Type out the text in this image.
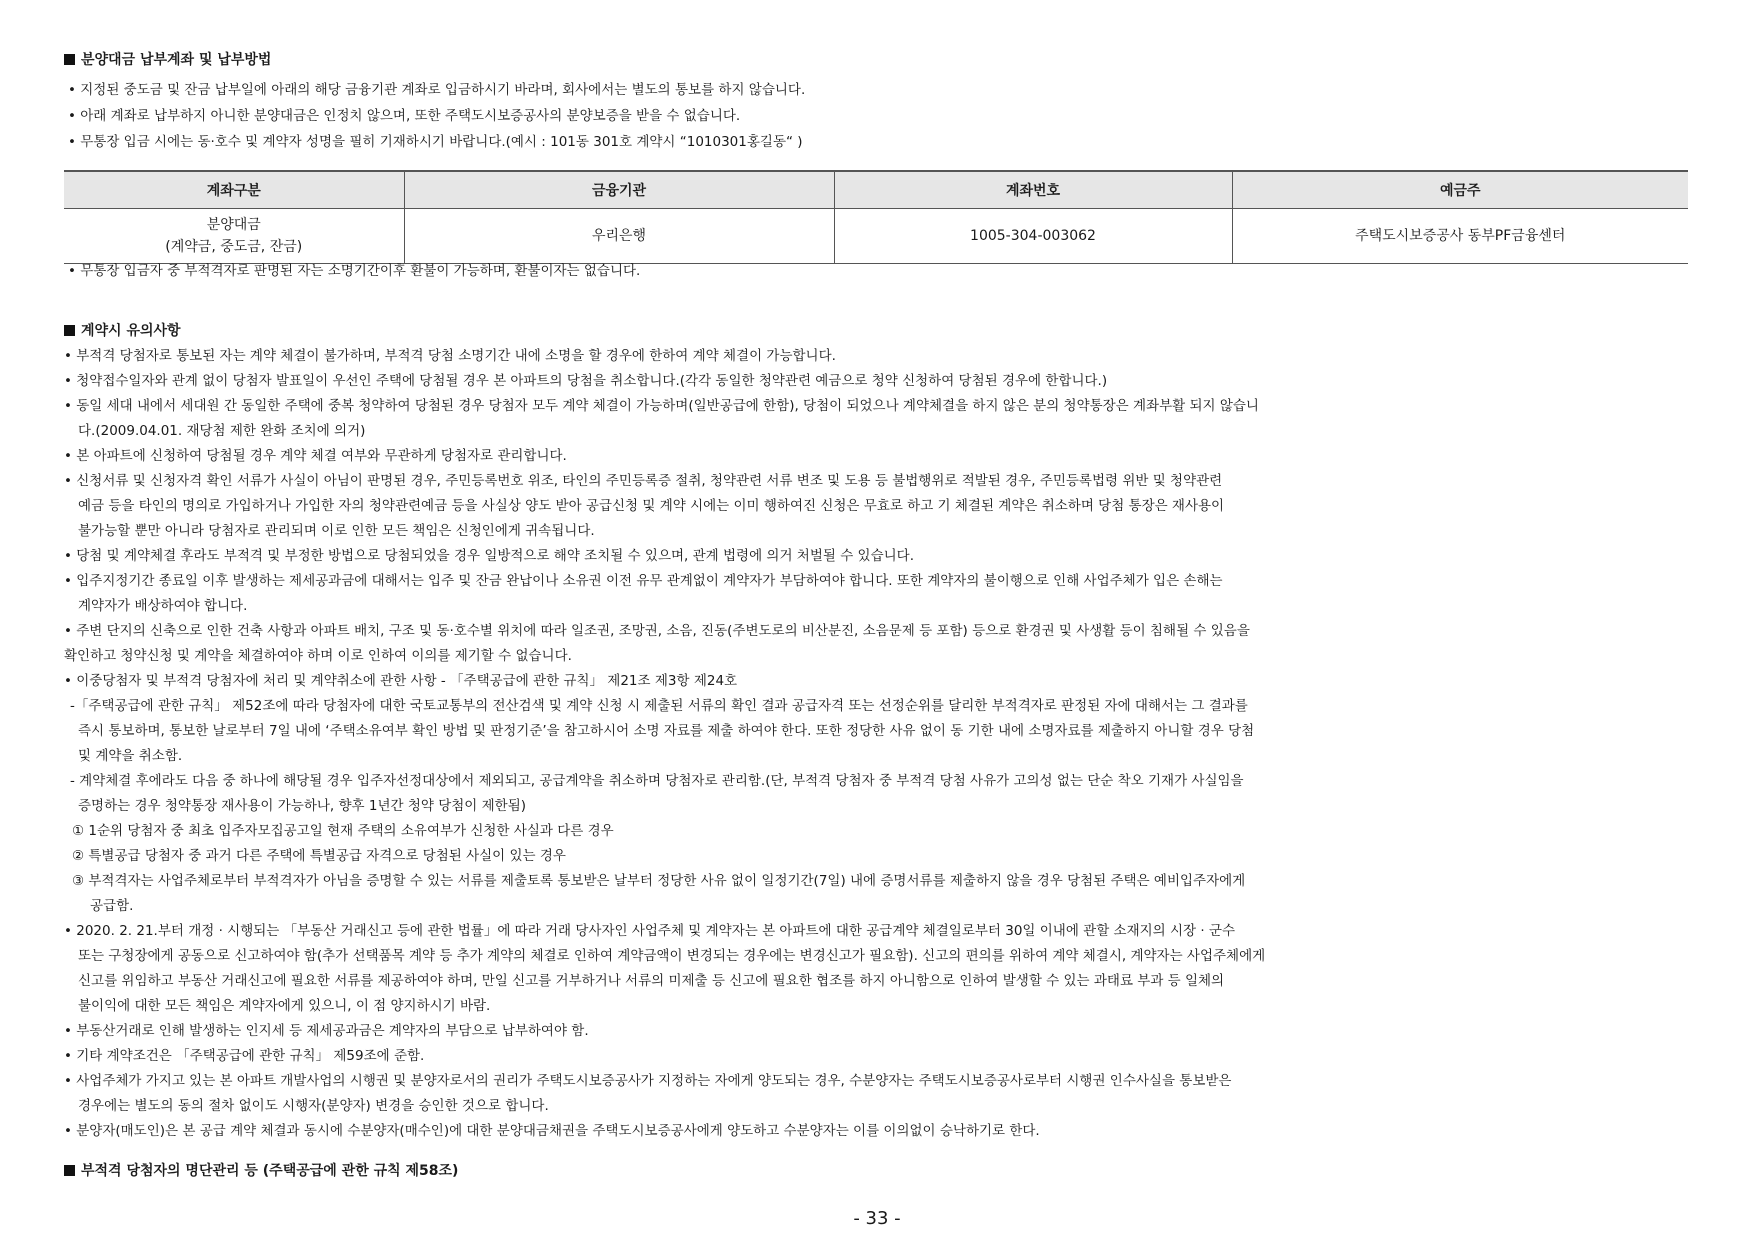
분양대금 납부계좌 및 납부방법
• 지정된 중도금 및 잔금 납부일에 아래의 해당 금융기관 계좌로 입금하시기 바라며, 회사에서는 별도의 통보를 하지 않습니다.
• 아래 계좌로 납부하지 아니한 분양대금은 인정치 않으며, 또한 주택도시보증공사의 분양보증을 받을 수 없습니다.
• 무통장 입금 시에는 동·호수 및 계약자 성명을 필히 기재하시기 바랍니다.(예시 : 101동 301호 계약시 “1010301홍길동“ )
계좌구분	금융기관	계좌번호	예금주

분양대금
(계약금, 중도금, 잔금)	우리은행	1005-304-003062	주택도시보증공사 동부PF금융센터
• 무통장 입금자 중 부적격자로 판명된 자는 소명기간이후 환불이 가능하며, 환불이자는 없습니다.
계약시 유의사항
• 부적격 당첨자로 통보된 자는 계약 체결이 불가하며, 부적격 당첨 소명기간 내에 소명을 할 경우에 한하여 계약 체결이 가능합니다.
• 청약접수일자와 관계 없이 당첨자 발표일이 우선인 주택에 당첨될 경우 본 아파트의 당첨을 취소합니다.(각각 동일한 청약관련 예금으로 청약 신청하여 당첨된 경우에 한합니다.)
• 동일 세대 내에서 세대원 간 동일한 주택에 중복 청약하여 당첨된 경우 당첨자 모두 계약 체결이 가능하며(일반공급에 한함), 당첨이 되었으나 계약체결을 하지 않은 분의 청약통장은 계좌부활 되지 않습니
다.(2009.04.01. 재당첨 제한 완화 조치에 의거)
• 본 아파트에 신청하여 당첨될 경우 계약 체결 여부와 무관하게 당첨자로 관리합니다.
• 신청서류 및 신청자격 확인 서류가 사실이 아님이 판명된 경우, 주민등록번호 위조, 타인의 주민등록증 절취, 청약관련 서류 변조 및 도용 등 불법행위로 적발된 경우, 주민등록법령 위반 및 청약관련
예금 등을 타인의 명의로 가입하거나 가입한 자의 청약관련예금 등을 사실상 양도 받아 공급신청 및 계약 시에는 이미 행하여진 신청은 무효로 하고 기 체결된 계약은 취소하며 당첨 통장은 재사용이
불가능할 뿐만 아니라 당첨자로 관리되며 이로 인한 모든 책임은 신청인에게 귀속됩니다.
• 당첨 및 계약체결 후라도 부적격 및 부정한 방법으로 당첨되었을 경우 일방적으로 해약 조치될 수 있으며, 관계 법령에 의거 처벌될 수 있습니다.
• 입주지정기간 종료일 이후 발생하는 제세공과금에 대해서는 입주 및 잔금 완납이나 소유권 이전 유무 관계없이 계약자가 부담하여야 합니다. 또한 계약자의 불이행으로 인해 사업주체가 입은 손해는
계약자가 배상하여야 합니다.
• 주변 단지의 신축으로 인한 건축 사항과 아파트 배치, 구조 및 동·호수별 위치에 따라 일조권, 조망권, 소음, 진동(주변도로의 비산분진, 소음문제 등 포함) 등으로 환경권 및 사생활 등이 침해될 수 있음을
확인하고 청약신청 및 계약을 체결하여야 하며 이로 인하여 이의를 제기할 수 없습니다.
• 이중당첨자 및 부적격 당첨자에 처리 및 계약취소에 관한 사항 - 「주택공급에 관한 규칙」 제21조 제3항 제24호
-「주택공급에 관한 규칙」 제52조에 따라 당첨자에 대한 국토교통부의 전산검색 및 계약 신청 시 제출된 서류의 확인 결과 공급자격 또는 선정순위를 달리한 부적격자로 판정된 자에 대해서는 그 결과를
즉시 통보하며, 통보한 날로부터 7일 내에 ‘주택소유여부 확인 방법 및 판정기준’을 참고하시어 소명 자료를 제출 하여야 한다. 또한 정당한 사유 없이 동 기한 내에 소명자료를 제출하지 아니할 경우 당첨
및 계약을 취소함.
- 계약체결 후에라도 다음 중 하나에 해당될 경우 입주자선정대상에서 제외되고, 공급계약을 취소하며 당첨자로 관리함.(단, 부적격 당첨자 중 부적격 당첨 사유가 고의성 없는 단순 착오 기재가 사실임을
증명하는 경우 청약통장 재사용이 가능하나, 향후 1년간 청약 당첨이 제한됨)
① 1순위 당첨자 중 최초 입주자모집공고일 현재 주택의 소유여부가 신청한 사실과 다른 경우
② 특별공급 당첨자 중 과거 다른 주택에 특별공급 자격으로 당첨된 사실이 있는 경우
③ 부적격자는 사업주체로부터 부적격자가 아님을 증명할 수 있는 서류를 제출토록 통보받은 날부터 정당한 사유 없이 일정기간(7일) 내에 증명서류를 제출하지 않을 경우 당첨된 주택은 예비입주자에게
공급함.
• 2020. 2. 21.부터 개정 · 시행되는 「부동산 거래신고 등에 관한 법률」에 따라 거래 당사자인 사업주체 및 계약자는 본 아파트에 대한 공급계약 체결일로부터 30일 이내에 관할 소재지의 시장 · 군수
또는 구청장에게 공동으로 신고하여야 함(추가 선택품목 계약 등 추가 계약의 체결로 인하여 계약금액이 변경되는 경우에는 변경신고가 필요함). 신고의 편의를 위하여 계약 체결시, 계약자는 사업주체에게
신고를 위임하고 부동산 거래신고에 필요한 서류를 제공하여야 하며, 만일 신고를 거부하거나 서류의 미제출 등 신고에 필요한 협조를 하지 아니함으로 인하여 발생할 수 있는 과태료 부과 등 일체의
불이익에 대한 모든 책임은 계약자에게 있으니, 이 점 양지하시기 바람.
• 부동산거래로 인해 발생하는 인지세 등 제세공과금은 계약자의 부담으로 납부하여야 함.
• 기타 계약조건은 「주택공급에 관한 규칙」 제59조에 준함.
• 사업주체가 가지고 있는 본 아파트 개발사업의 시행권 및 분양자로서의 권리가 주택도시보증공사가 지정하는 자에게 양도되는 경우, 수분양자는 주택도시보증공사로부터 시행권 인수사실을 통보받은
경우에는 별도의 동의 절차 없이도 시행자(분양자) 변경을 승인한 것으로 합니다.
• 분양자(매도인)은 본 공급 계약 체결과 동시에 수분양자(매수인)에 대한 분양대금채권을 주택도시보증공사에게 양도하고 수분양자는 이를 이의없이 승낙하기로 한다.
부적격 당첨자의 명단관리 등 (주택공급에 관한 규칙 제58조)
- 33 -
